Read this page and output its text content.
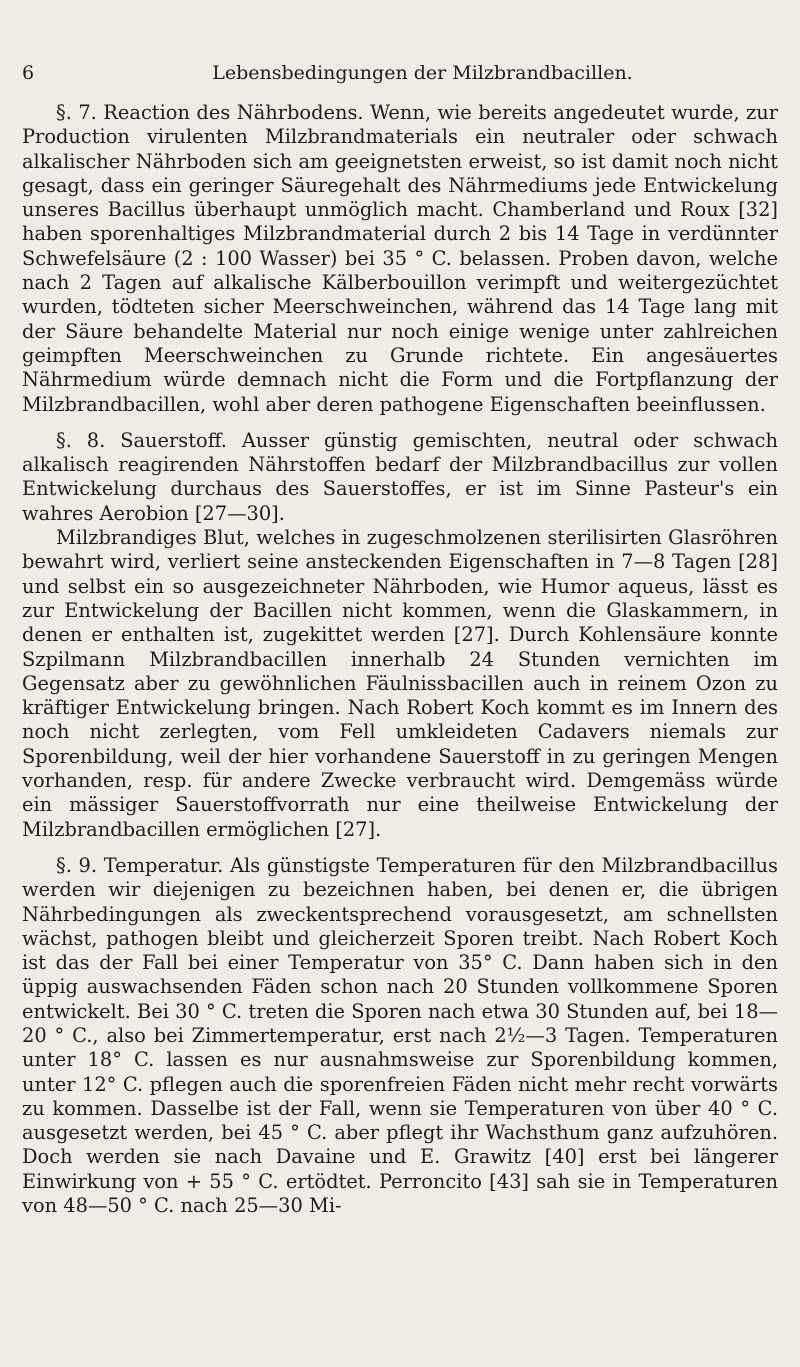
6	Lebensbedingungen der Milzbrandbacillen.

§. 7. Reaction des Nährbodens. Wenn, wie bereits angedeutet wurde, zur Production virulenten Milzbrandmaterials ein neutraler oder schwach alkalischer Nährboden sich am geeignetsten erweist, so ist damit noch nicht gesagt, dass ein geringer Säuregehalt des Nährmediums jede Entwickelung unseres Bacillus überhaupt unmöglich macht. Chamberland und Roux [32] haben sporenhaltiges Milzbrandmaterial durch 2 bis 14 Tage in verdünnter Schwefelsäure (2 : 100 Wasser) bei 35 ° C. belassen. Proben davon, welche nach 2 Tagen auf alkalische Kälberbouillon verimpft und weitergezüchtet wurden, tödteten sicher Meerschweinchen, während das 14 Tage lang mit der Säure behandelte Material nur noch einige wenige unter zahlreichen geimpften Meerschweinchen zu Grunde richtete. Ein angesäuertes Nährmedium würde demnach nicht die Form und die Fortpflanzung der Milzbrandbacillen, wohl aber deren pathogene Eigenschaften beeinflussen.

§. 8. Sauerstoff. Ausser günstig gemischten, neutral oder schwach alkalisch reagirenden Nährstoffen bedarf der Milzbrandbacillus zur vollen Entwickelung durchaus des Sauerstoffes, er ist im Sinne Pasteur's ein wahres Aerobion [27—30].

Milzbrandiges Blut, welches in zugeschmolzenen sterilisirten Glasröhren bewahrt wird, verliert seine ansteckenden Eigenschaften in 7—8 Tagen [28] und selbst ein so ausgezeichneter Nährboden, wie Humor aqueus, lässt es zur Entwickelung der Bacillen nicht kommen, wenn die Glaskammern, in denen er enthalten ist, zugekittet werden [27]. Durch Kohlensäure konnte Szpilmann Milzbrandbacillen innerhalb 24 Stunden vernichten im Gegensatz aber zu gewöhnlichen Fäulnissbacillen auch in reinem Ozon zu kräftiger Entwickelung bringen. Nach Robert Koch kommt es im Innern des noch nicht zerlegten, vom Fell umkleideten Cadavers niemals zur Sporenbildung, weil der hier vorhandene Sauerstoff in zu geringen Mengen vorhanden, resp. für andere Zwecke verbraucht wird. Demgemäss würde ein mässiger Sauerstoffvorrath nur eine theilweise Entwickelung der Milzbrandbacillen ermöglichen [27].

§. 9. Temperatur. Als günstigste Temperaturen für den Milzbrandbacillus werden wir diejenigen zu bezeichnen haben, bei denen er, die übrigen Nährbedingungen als zweckentsprechend vorausgesetzt, am schnellsten wächst, pathogen bleibt und gleicherzeit Sporen treibt. Nach Robert Koch ist das der Fall bei einer Temperatur von 35° C. Dann haben sich in den üppig auswachsenden Fäden schon nach 20 Stunden vollkommene Sporen entwickelt. Bei 30 ° C. treten die Sporen nach etwa 30 Stunden auf, bei 18—20 ° C., also bei Zimmertemperatur, erst nach 2½—3 Tagen. Temperaturen unter 18° C. lassen es nur ausnahmsweise zur Sporenbildung kommen, unter 12° C. pflegen auch die sporenfreien Fäden nicht mehr recht vorwärts zu kommen. Dasselbe ist der Fall, wenn sie Temperaturen von über 40 ° C. ausgesetzt werden, bei 45 ° C. aber pflegt ihr Wachsthum ganz aufzuhören. Doch werden sie nach Davaine und E. Grawitz [40] erst bei längerer Einwirkung von + 55 ° C. ertödtet. Perroncito [43] sah sie in Temperaturen von 48—50 ° C. nach 25—30 Mi-
